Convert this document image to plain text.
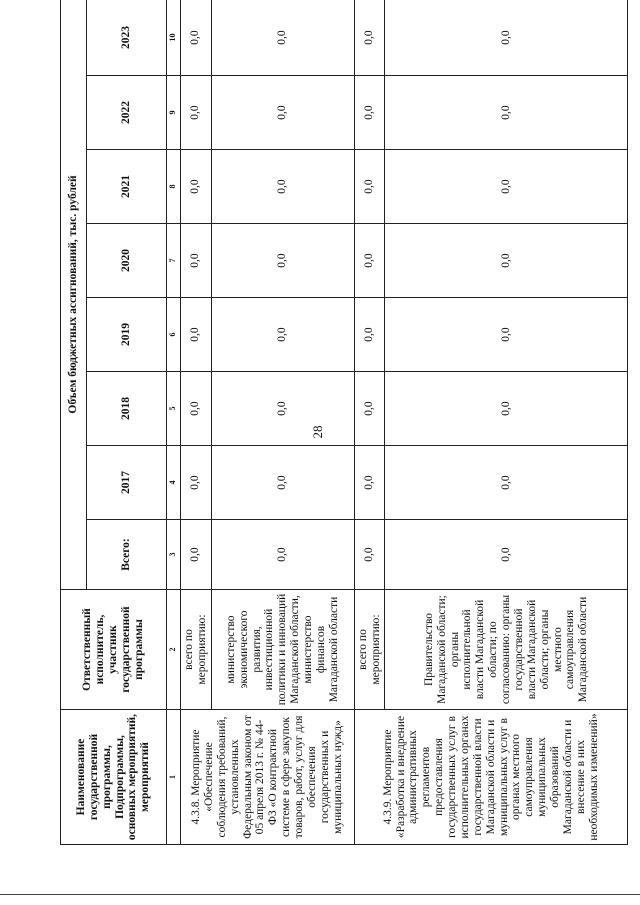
28
Наименование государственной программы, Подпрограммы, основных мероприятий, мероприятий	Ответственный исполнитель, участник государственной программы	Объем бюджетных ассигнований, тыс. рублей							
		Всего:	2017	2018	2019	2020	2021	2022	2023
1	2	3	4	5	6	7	8	9	10
4.3.8. Мероприятие «Обеспечение соблюдения требований, установленных Федеральным законом от 05 апреля 2013 г. № 44-ФЗ «О контрактной системе в сфере закупок товаров, работ, услуг для обеспечения государственных и муниципальных нужд»	всего по мероприятию:	0,0	0,0	0,0	0,0	0,0	0,0	0,0	0,0
	министерство экономического развития, инвестиционной политики и инноваций Магаданской области, министерство финансов Магаданской области	0,0	0,0	0,0	0,0	0,0	0,0	0,0	0,0
4.3.9. Мероприятие «Разработка и внедрение административных регламентов предоставления государственных услуг в исполнительных органах государственной власти Магаданской области и муниципальных услуг в органах местного самоуправления муниципальных образований Магаданской области и внесение в них необходимых изменений»	всего по мероприятию:	0,0	0,0	0,0	0,0	0,0	0,0	0,0	0,0
	Правительство Магаданской области; органы исполнительной власти Магаданской области; по согласованию: органы государственной власти Магаданской области; органы местного самоуправления Магаданской области	0,0	0,0	0,0	0,0	0,0	0,0	0,0	0,0
